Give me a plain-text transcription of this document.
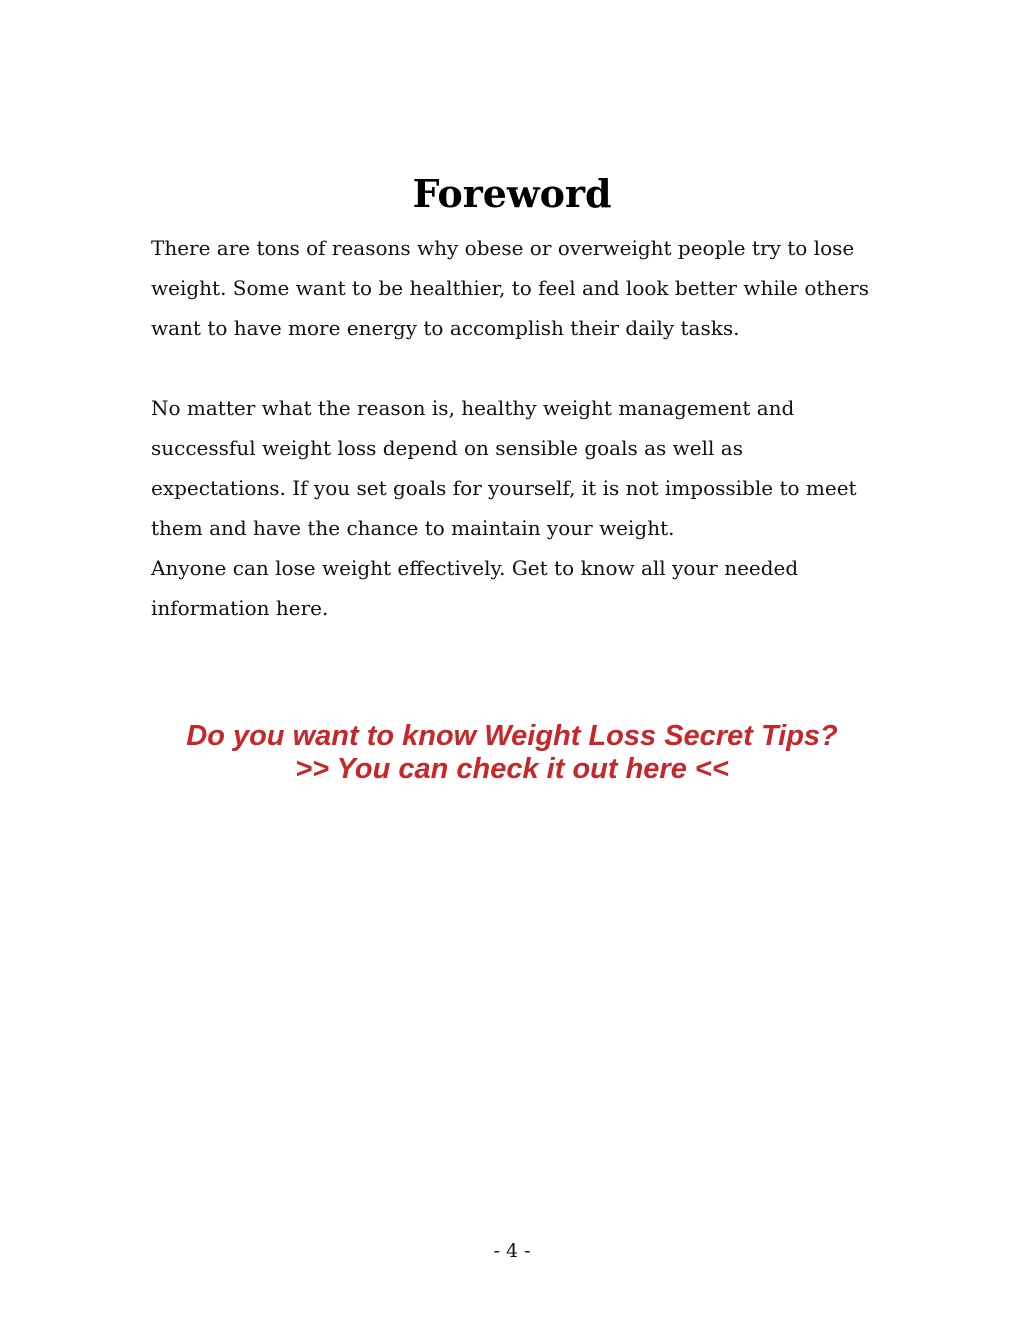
Foreword

There are tons of reasons why obese or overweight people try to lose
weight. Some want to be healthier, to feel and look better while others
want to have more energy to accomplish their daily tasks.

No matter what the reason is, healthy weight management and
successful weight loss depend on sensible goals as well as
expectations. If you set goals for yourself, it is not impossible to meet
them and have the chance to maintain your weight.

Anyone can lose weight effectively. Get to know all your needed
information here.

Do you want to know Weight Loss Secret Tips?
>> You can check it out here <<
- 4 -
